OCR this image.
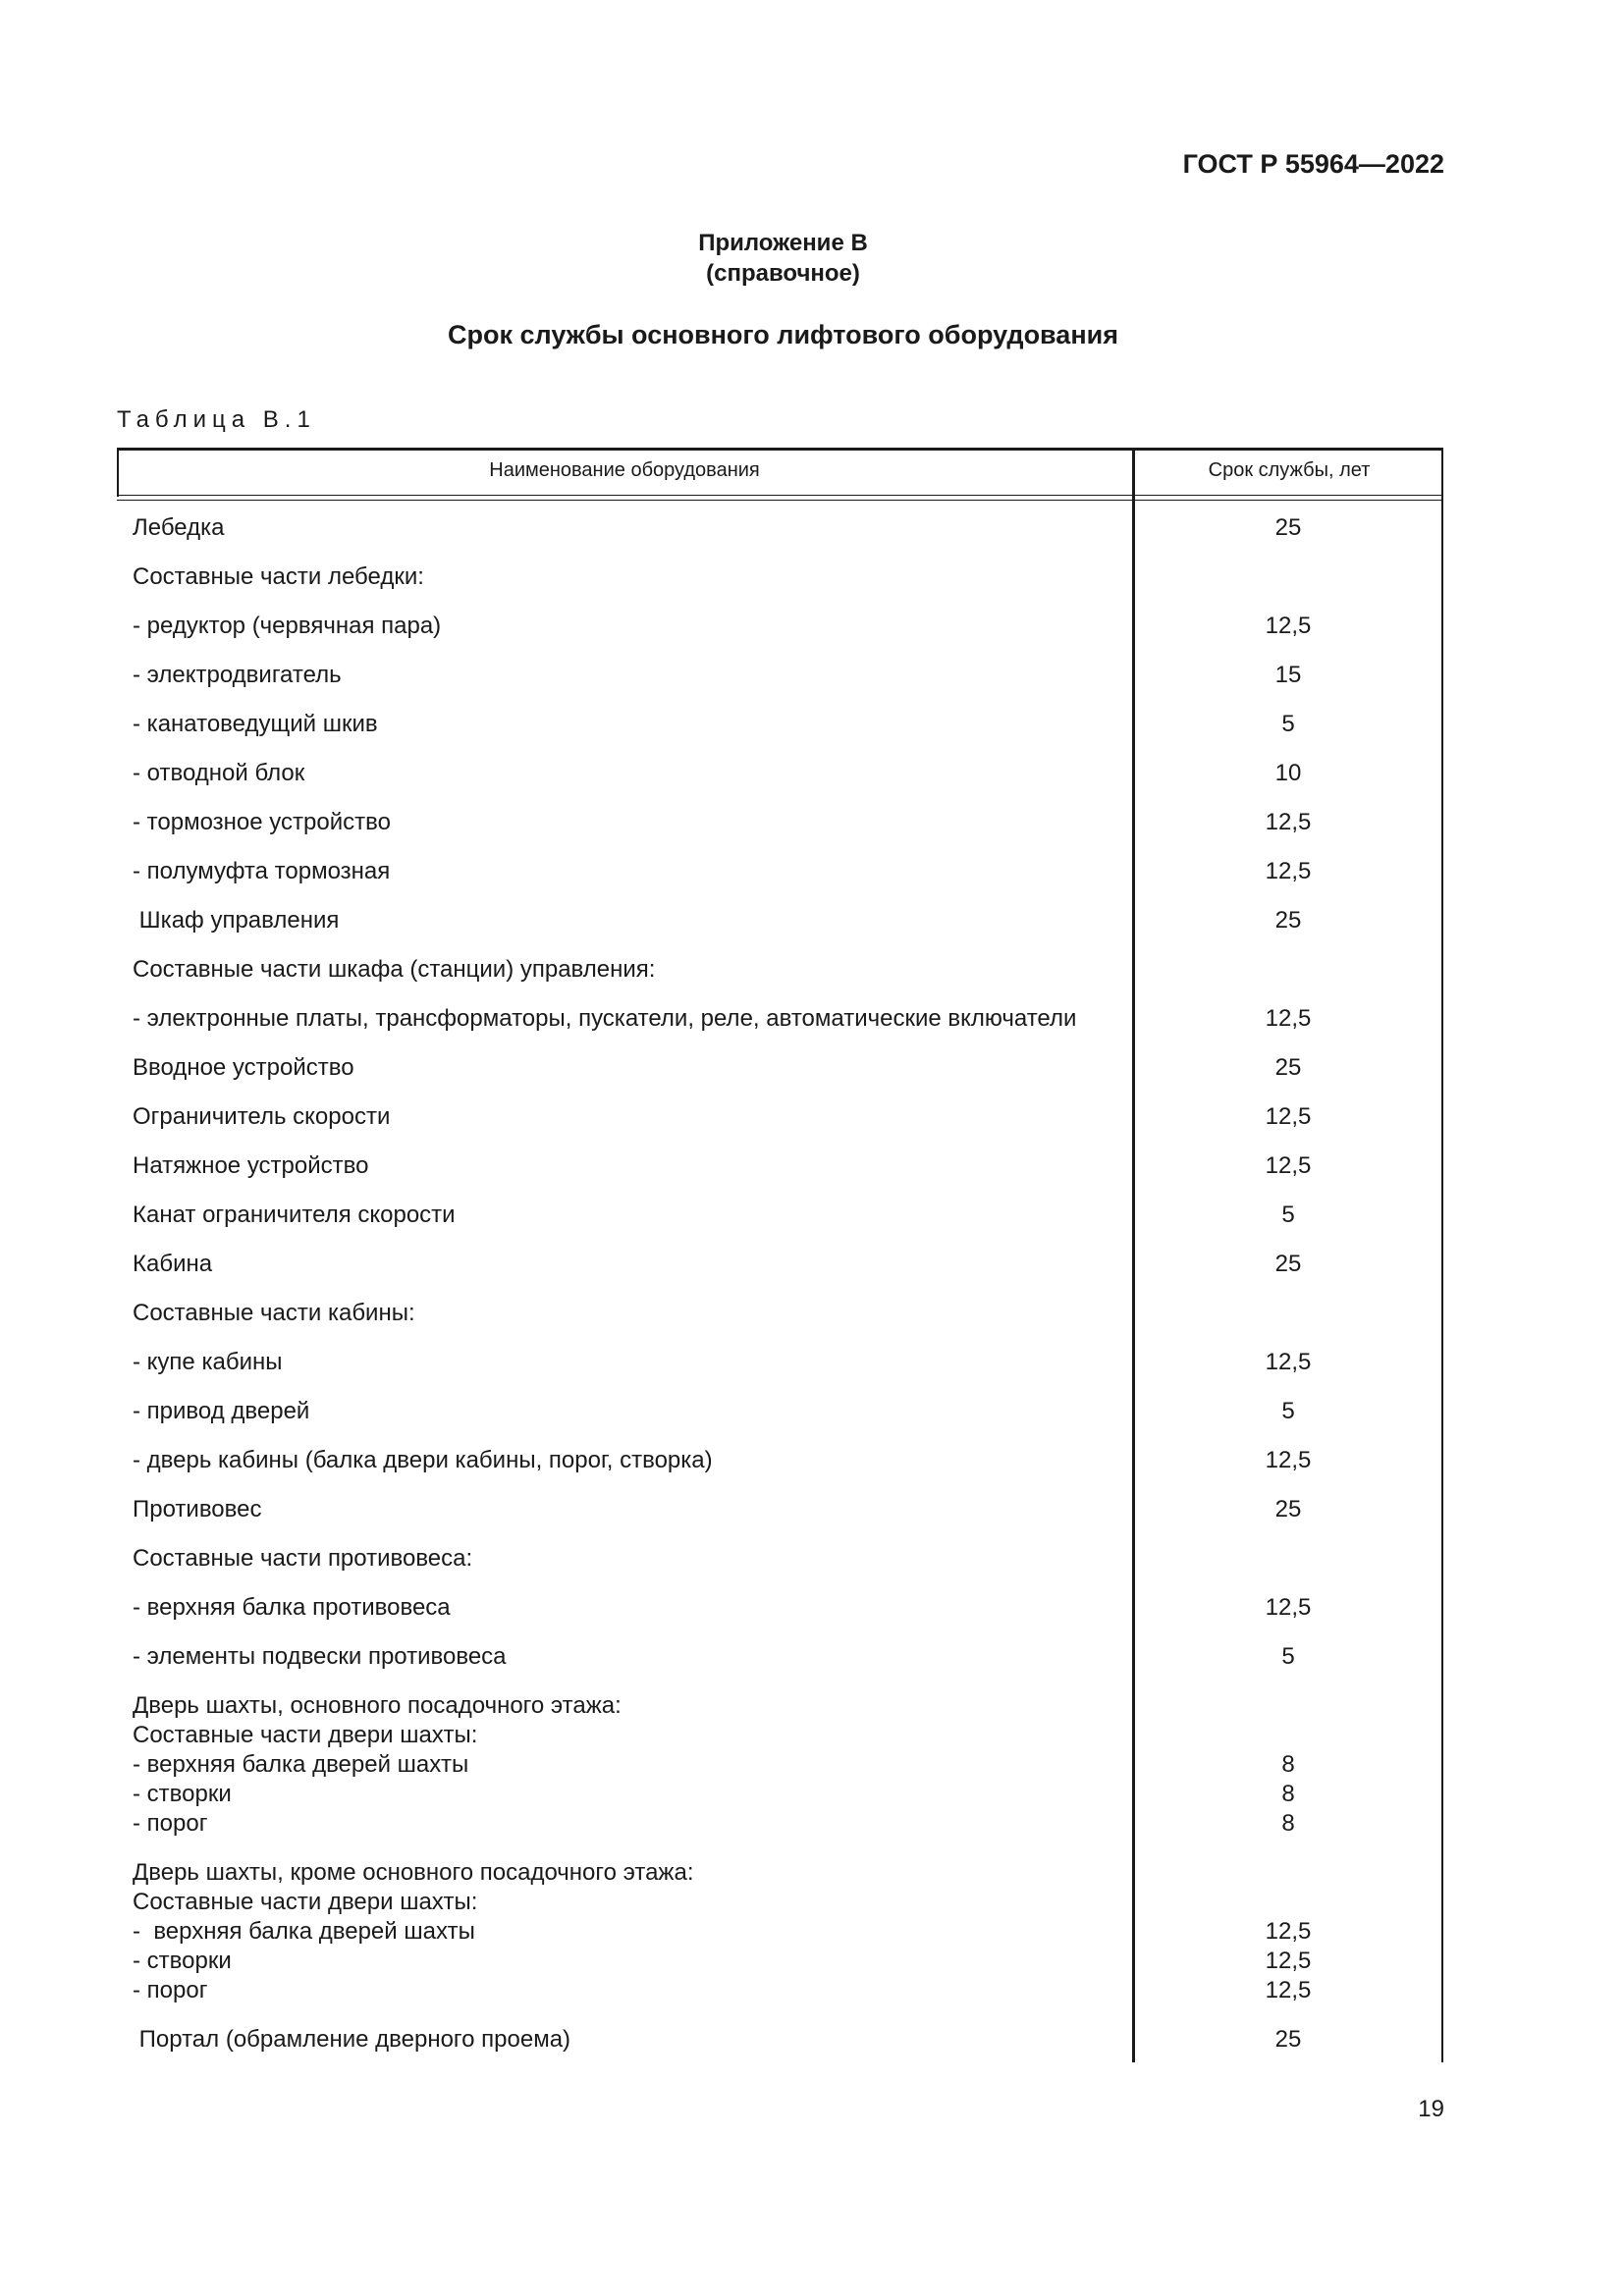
ГОСТ Р 55964—2022
Приложение В
(справочное)
Срок службы основного лифтового оборудования
Таблица В.1
Наименование оборудования	Срок службы, лет
Лебедка	25
Составные части лебедки:
- редуктор (червячная пара)	12,5
- электродвигатель	15
- канатоведущий шкив	5
- отводной блок	10
- тормозное устройство	12,5
- полумуфта тормозная	12,5
Шкаф управления	25
Составные части шкафа (станции) управления:
- электронные платы, трансформаторы, пускатели, реле, автоматические включатели	12,5
Вводное устройство	25
Ограничитель скорости	12,5
Натяжное устройство	12,5
Канат ограничителя скорости	5
Кабина	25
Составные части кабины:
- купе кабины	12,5
- привод дверей	5
- дверь кабины (балка двери кабины, порог, створка)	12,5
Противовес	25
Составные части противовеса:
- верхняя балка противовеса	12,5
- элементы подвески противовеса	5
Дверь шахты, основного посадочного этажа:
Составные части двери шахты:
- верхняя балка дверей шахты	8
- створки	8
- порог	8
Дверь шахты, кроме основного посадочного этажа:
Составные части двери шахты:
-  верхняя балка дверей шахты	12,5
- створки	12,5
- порог	12,5
Портал (обрамление дверного проема)	25
19
